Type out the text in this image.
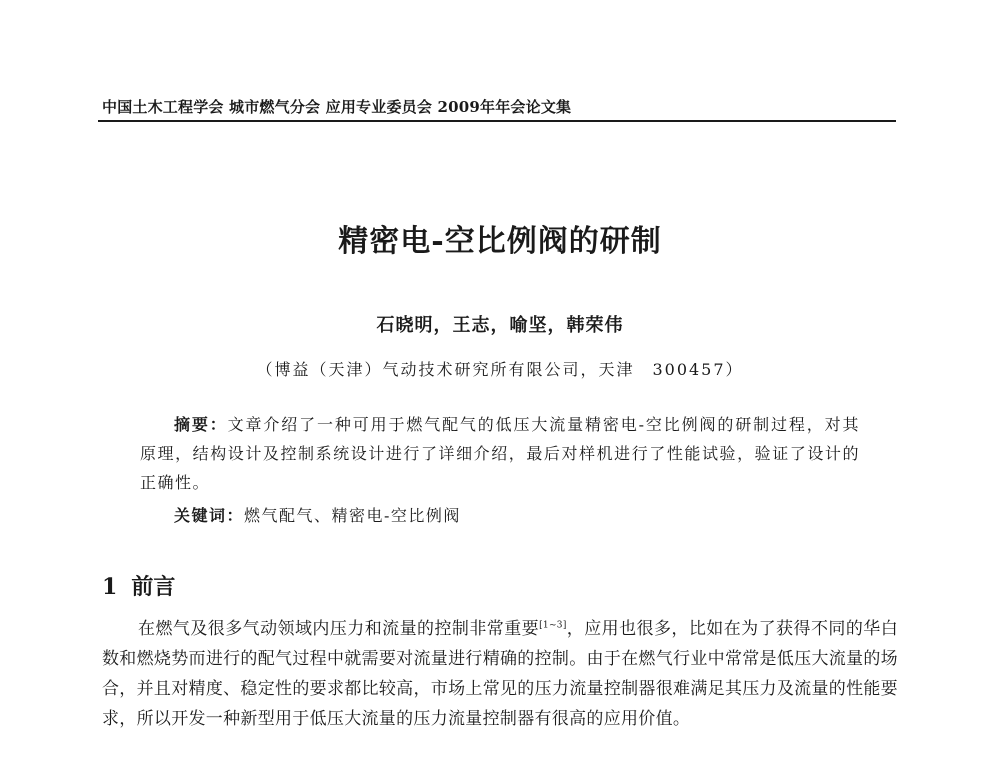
中国土木工程学会 城市燃气分会 应用专业委员会 2009年年会论文集
精密电-空比例阀的研制
石晓明，王志，喻坚，韩荣伟
（博益（天津）气动技术研究所有限公司，天津　300457）
摘要：文章介绍了一种可用于燃气配气的低压大流量精密电-空比例阀的研制过程，对其原理，结构设计及控制系统设计进行了详细介绍，最后对样机进行了性能试验，验证了设计的正确性。
关键词：燃气配气、精密电-空比例阀
1 前言
在燃气及很多气动领域内压力和流量的控制非常重要[1~3]，应用也很多，比如在为了获得不同的华白数和燃烧势而进行的配气过程中就需要对流量进行精确的控制。由于在燃气行业中常常是低压大流量的场合，并且对精度、稳定性的要求都比较高，市场上常见的压力流量控制器很难满足其压力及流量的性能要求，所以开发一种新型用于低压大流量的压力流量控制器有很高的应用价值。
